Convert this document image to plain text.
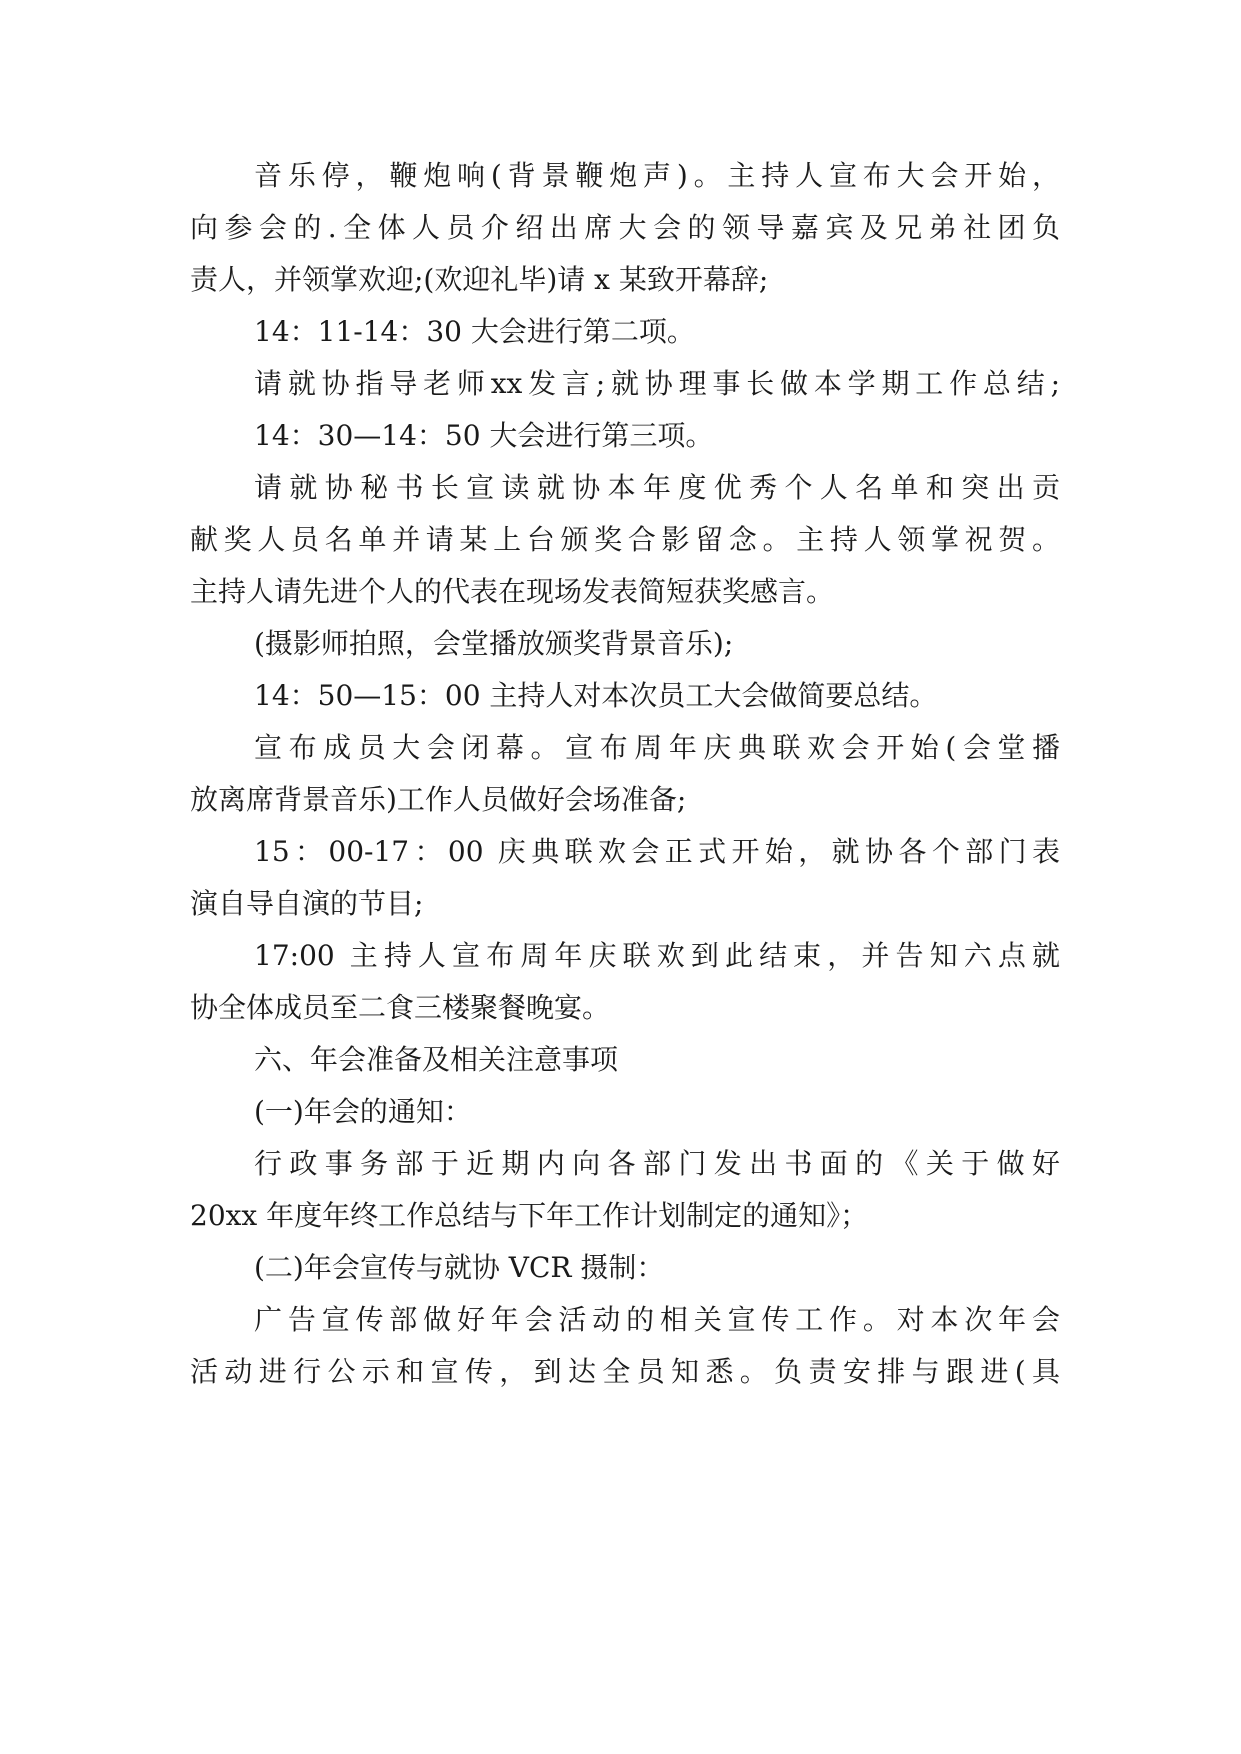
音乐停，鞭炮响(背景鞭炮声)。主持人宣布大会开始，
向参会的.全体人员介绍出席大会的领导嘉宾及兄弟社团负
责人，并领掌欢迎;(欢迎礼毕)请 x 某致开幕辞;
14：11-14：30 大会进行第二项。
请就协指导老师xx发言;就协理事长做本学期工作总结;
14：30—14：50 大会进行第三项。
请就协秘书长宣读就协本年度优秀个人名单和突出贡
献奖人员名单并请某上台颁奖合影留念。主持人领掌祝贺。
主持人请先进个人的代表在现场发表简短获奖感言。
(摄影师拍照，会堂播放颁奖背景音乐);
14：50—15：00 主持人对本次员工大会做简要总结。
宣布成员大会闭幕。宣布周年庆典联欢会开始(会堂播
放离席背景音乐)工作人员做好会场准备;
15：00-17：00 庆典联欢会正式开始，就协各个部门表
演自导自演的节目;
17:00 主持人宣布周年庆联欢到此结束，并告知六点就
协全体成员至二食三楼聚餐晚宴。
六、年会准备及相关注意事项
(一)年会的通知：
行政事务部于近期内向各部门发出书面的《关于做好
20xx 年度年终工作总结与下年工作计划制定的通知》；
(二)年会宣传与就协 VCR 摄制：
广告宣传部做好年会活动的相关宣传工作。对本次年会
活动进行公示和宣传，到达全员知悉。负责安排与跟进(具
